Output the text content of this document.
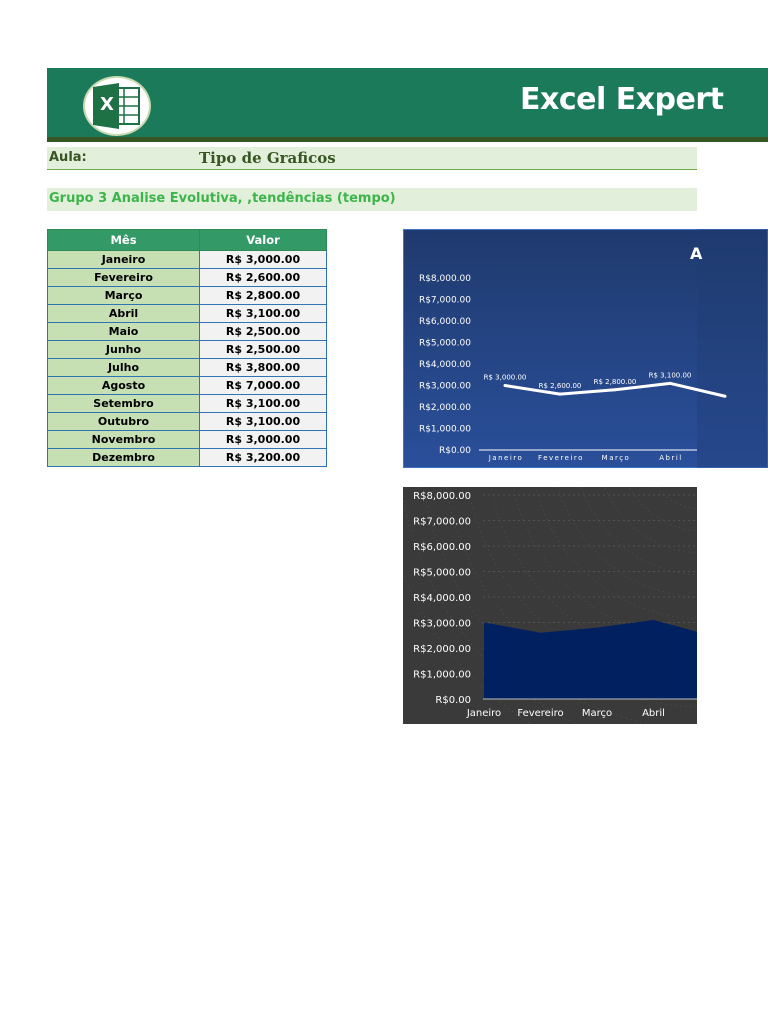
X	Excel Expert
Aula:	Tipo de Graficos
Grupo 3 Analise Evolutiva, ,tendências (tempo)
Mês	Valor
Janeiro	R$ 3,000.00
Fevereiro	R$ 2,600.00
Março	R$ 2,800.00
Abril	R$ 3,100.00
Maio	R$ 2,500.00
Junho	R$ 2,500.00
Julho	R$ 3,800.00
Agosto	R$ 7,000.00
Setembro	R$ 3,100.00
Outubro	R$ 3,100.00
Novembro	R$ 3,000.00
Dezembro	R$ 3,200.00
A
R$0.00
R$1,000.00
R$2,000.00
R$3,000.00
R$4,000.00
R$5,000.00
R$6,000.00
R$7,000.00
R$8,000.00
R$ 3,000.00
R$ 2,600.00
R$ 2,800.00
R$ 3,100.00
Janeiro Fevereiro	Março	Abril
R$0.00
R$1,000.00
R$2,000.00
R$3,000.00
R$4,000.00
R$5,000.00
R$6,000.00
R$7,000.00
R$8,000.00
Janeiro Fevereiro Março	Abril
